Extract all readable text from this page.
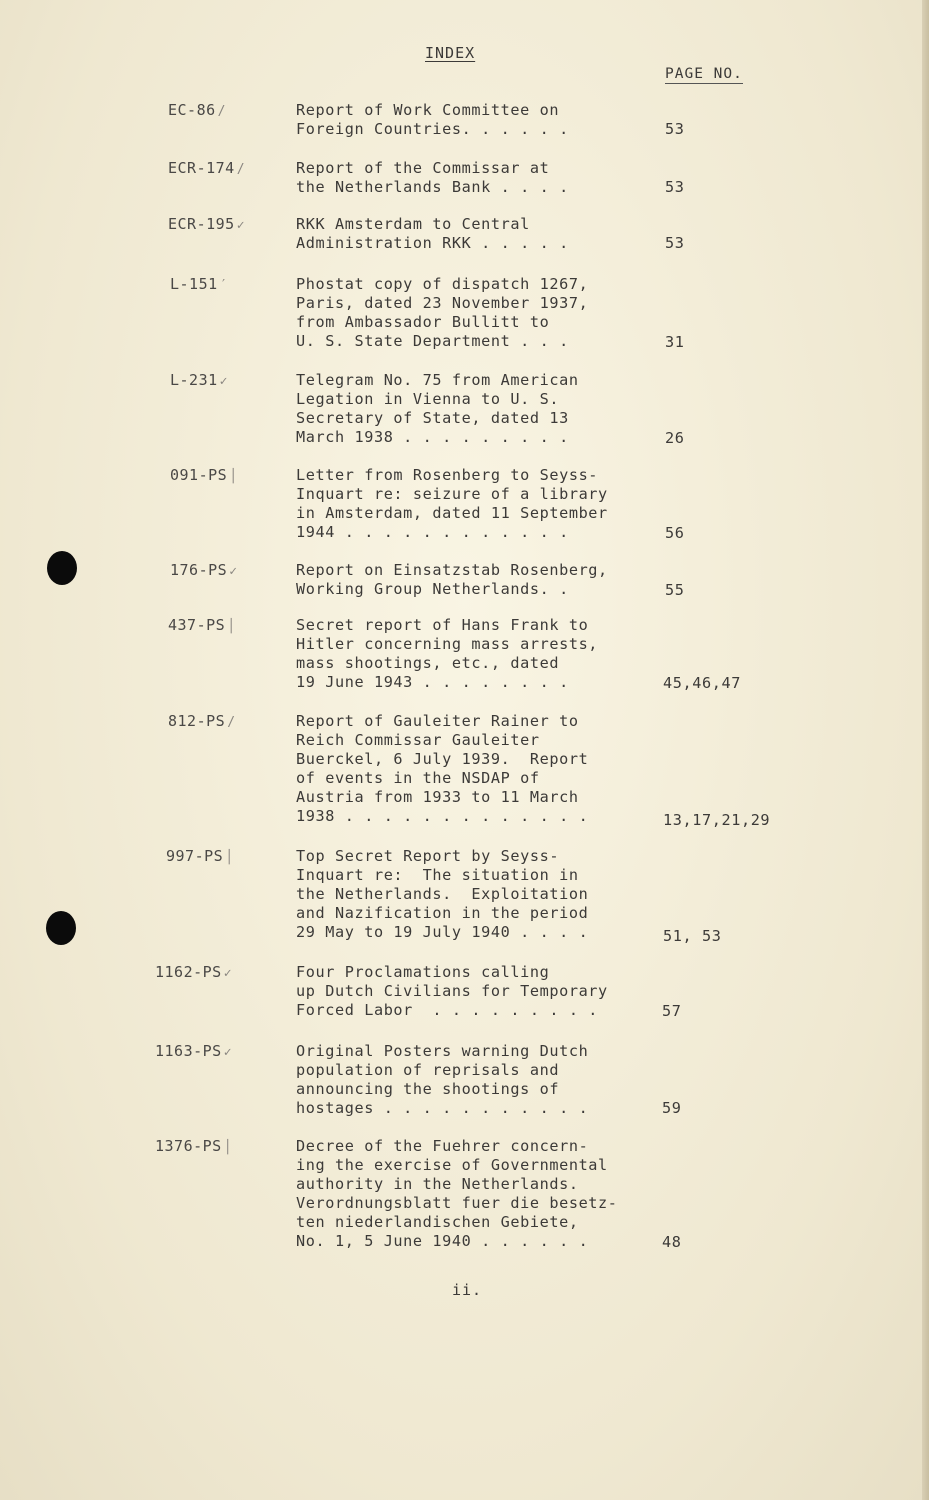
INDEX
PAGE NO.
EC-86 /	Report of Work Committee on
Foreign Countries. . . . . .	53
ECR-174 /	Report of the Commissar at
the Netherlands Bank . . . .	53
ECR-195 ✓	RKK Amsterdam to Central
Administration RKK . . . . .	53
L-151 ′	Phostat copy of dispatch 1267,
Paris, dated 23 November 1937,
from Ambassador Bullitt to
U. S. State Department . . .	31
L-231 ✓	Telegram No. 75 from American
Legation in Vienna to U. S.
Secretary of State, dated 13
March 1938 . . . . . . . . .	26
091-PS │	Letter from Rosenberg to Seyss-
Inquart re: seizure of a library
in Amsterdam, dated 11 September
1944 . . . . . . . . . . . .	56
176-PS ✓	Report on Einsatzstab Rosenberg,
Working Group Netherlands. .	55
437-PS │	Secret report of Hans Frank to
Hitler concerning mass arrests,
mass shootings, etc., dated
19 June 1943 . . . . . . . .	45,46,47
812-PS /	Report of Gauleiter Rainer to
Reich Commissar Gauleiter
Buerckel, 6 July 1939.  Report
of events in the NSDAP of
Austria from 1933 to 11 March
1938 . . . . . . . . . . . . .	13,17,21,29
997-PS │	Top Secret Report by Seyss-
Inquart re:  The situation in
the Netherlands.  Exploitation
and Nazification in the period
29 May to 19 July 1940 . . . .	51, 53
1162-PS ✓	Four Proclamations calling
up Dutch Civilians for Temporary
Forced Labor  . . . . . . . . .	57
1163-PS ✓	Original Posters warning Dutch
population of reprisals and
announcing the shootings of
hostages . . . . . . . . . . .	59
1376-PS │	Decree of the Fuehrer concern-
ing the exercise of Governmental
authority in the Netherlands.
Verordnungsblatt fuer die besetz-
ten niederlandischen Gebiete,
No. 1, 5 June 1940 . . . . . .	48
ii.
